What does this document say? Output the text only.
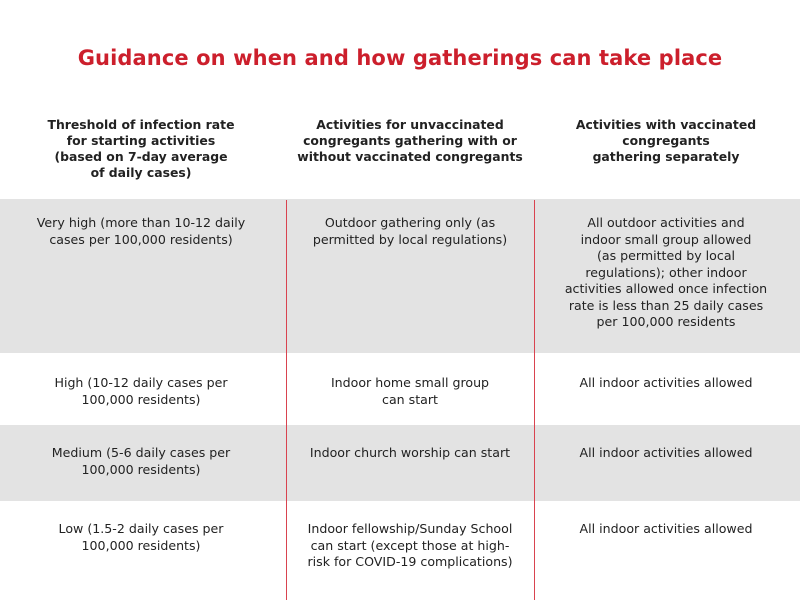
Guidance on when and how gatherings can take place
Threshold of infection rate
for starting activities
(based on 7-day average
of daily cases)
Activities for unvaccinated
congregants gathering with or
without vaccinated congregants
Activities with vaccinated
congregants
gathering separately
Very high (more than 10-12 daily
cases per 100,000 residents)
Outdoor gathering only (as
permitted by local regulations)
All outdoor activities and
indoor small group allowed
(as permitted by local
regulations); other indoor
activities allowed once infection
rate is less than 25 daily cases
per 100,000 residents
High (10-12 daily cases per
100,000 residents)
Indoor home small group
can start
All indoor activities allowed
Medium (5-6 daily cases per
100,000 residents)
Indoor church worship can start	All indoor activities allowed
Low (1.5-2 daily cases per
100,000 residents)
Indoor fellowship/Sunday School
can start (except those at high-
risk for COVID-19 complications)
All indoor activities allowed
